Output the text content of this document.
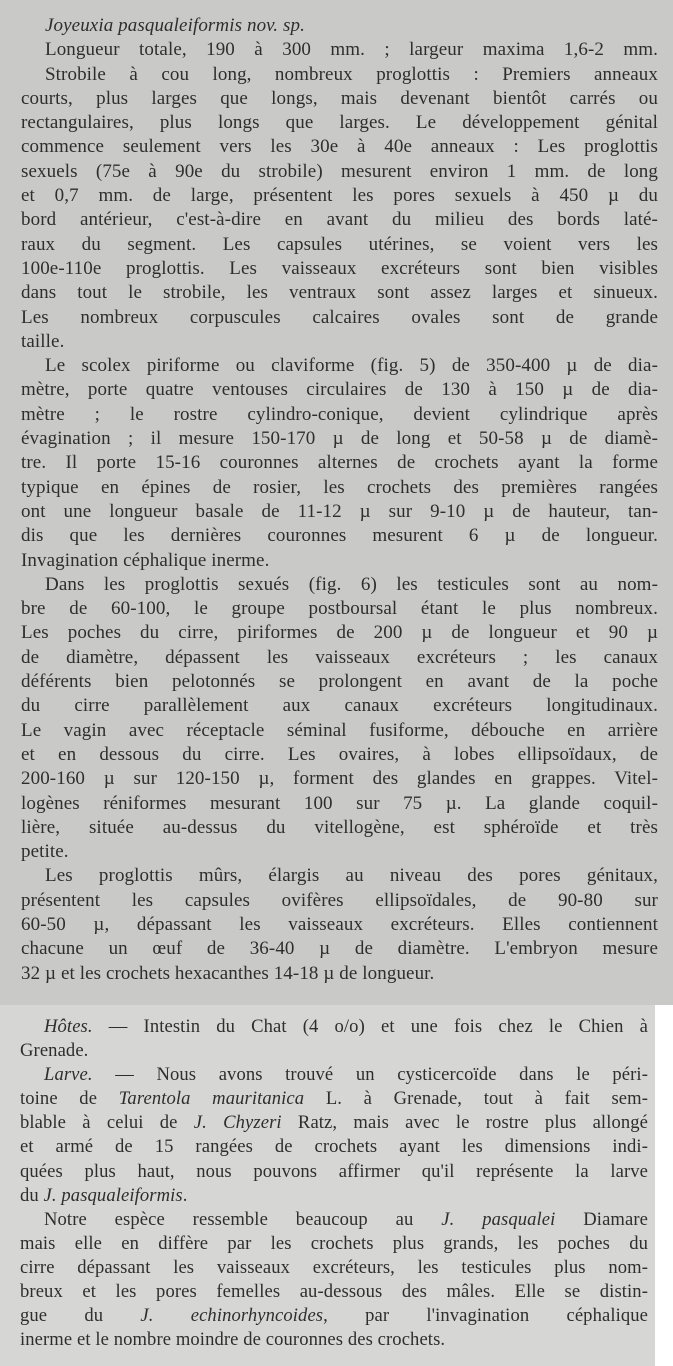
Joyeuxia pasqualeiformis nov. sp.
Longueur totale, 190 à 300 mm. ; largeur maxima 1,6-2 mm.
Strobile à cou long, nombreux proglottis : Premiers anneaux
courts, plus larges que longs, mais devenant bientôt carrés ou
rectangulaires, plus longs que larges. Le développement génital
commence seulement vers les 30e à 40e anneaux : Les proglottis
sexuels (75e à 90e du strobile) mesurent environ 1 mm. de long
et 0,7 mm. de large, présentent les pores sexuels à 450 µ du
bord antérieur, c'est-à-dire en avant du milieu des bords laté-
raux du segment. Les capsules utérines, se voient vers les
100e-110e proglottis. Les vaisseaux excréteurs sont bien visibles
dans tout le strobile, les ventraux sont assez larges et sinueux.
Les nombreux corpuscules calcaires ovales sont de grande
taille.
Le scolex piriforme ou claviforme (fig. 5) de 350-400 µ de dia-
mètre, porte quatre ventouses circulaires de 130 à 150 µ de dia-
mètre ; le rostre cylindro-conique, devient cylindrique après
évagination ; il mesure 150-170 µ de long et 50-58 µ de diamè-
tre. Il porte 15-16 couronnes alternes de crochets ayant la forme
typique en épines de rosier, les crochets des premières rangées
ont une longueur basale de 11-12 µ sur 9-10 µ de hauteur, tan-
dis que les dernières couronnes mesurent 6 µ de longueur.
Invagination céphalique inerme.
Dans les proglottis sexués (fig. 6) les testicules sont au nom-
bre de 60-100, le groupe postboursal étant le plus nombreux.
Les poches du cirre, piriformes de 200 µ de longueur et 90 µ
de diamètre, dépassent les vaisseaux excréteurs ; les canaux
déférents bien pelotonnés se prolongent en avant de la poche
du cirre parallèlement aux canaux excréteurs longitudinaux.
Le vagin avec réceptacle séminal fusiforme, débouche en arrière
et en dessous du cirre. Les ovaires, à lobes ellipsoïdaux, de
200-160 µ sur 120-150 µ, forment des glandes en grappes. Vitel-
logènes réniformes mesurant 100 sur 75 µ. La glande coquil-
lière, située au-dessus du vitellogène, est sphéroïde et très
petite.
Les proglottis mûrs, élargis au niveau des pores génitaux,
présentent les capsules ovifères ellipsoïdales, de 90-80 sur
60-50 µ, dépassant les vaisseaux excréteurs. Elles contiennent
chacune un œuf de 36-40 µ de diamètre. L'embryon mesure
32 µ et les crochets hexacanthes 14-18 µ de longueur.
Hôtes. — Intestin du Chat (4 o/o) et une fois chez le Chien à
Grenade.
Larve. — Nous avons trouvé un cysticercoïde dans le péri-
toine de Tarentola mauritanica L. à Grenade, tout à fait sem-
blable à celui de J. Chyzeri Ratz, mais avec le rostre plus allongé
et armé de 15 rangées de crochets ayant les dimensions indi-
quées plus haut, nous pouvons affirmer qu'il représente la larve
du J. pasqualeiformis.
Notre espèce ressemble beaucoup au J. pasqualei Diamare
mais elle en diffère par les crochets plus grands, les poches du
cirre dépassant les vaisseaux excréteurs, les testicules plus nom-
breux et les pores femelles au-dessous des mâles. Elle se distin-
gue du J. echinorhyncoides, par l'invagination céphalique
inerme et le nombre moindre de couronnes des crochets.
